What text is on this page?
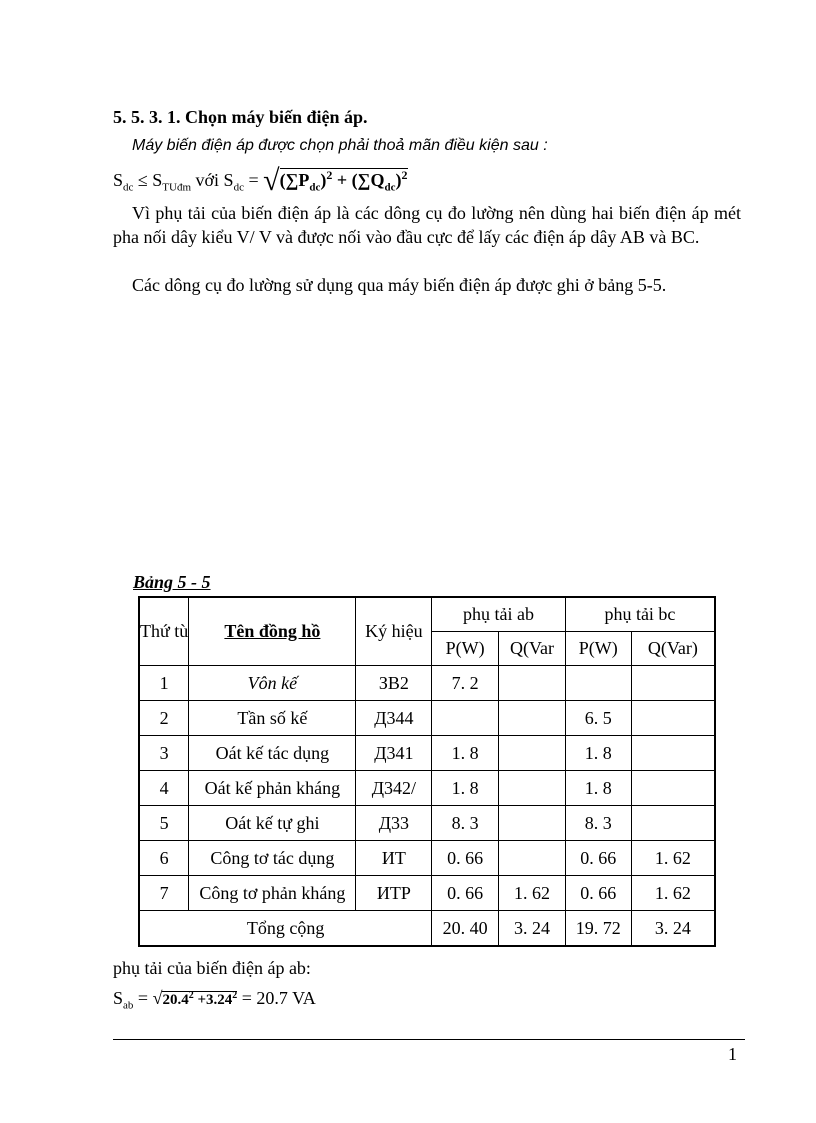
5. 5. 3. 1. Chọn máy biến điện áp.
Máy biến điện áp được chọn phải thoả mãn điều kiện sau :
$S_{dc} \le S_{TUđm}$ với $S_{dc} = √(\sum P_{dc})^2 + (\sum Q_{dc})^2$
Vì phụ tải của biến điện áp là các dông cụ đo lường nên dùng hai biến điện áp mét pha nối dây kiểu V/ V và được nối vào đầu cực để lấy các điện áp dây AB và BC.
Các dông cụ đo lường sử dụng qua máy biến điện áp được ghi ở bảng 5-5.
Bảng 5 - 5
Thứ tù	Tên đồng hồ	Ký hiệu	phụ tải ab		phụ tải bc	
			P(W)	Q(Var	P(W)	Q(Var)
1	Vôn kế	ЗВ2	7. 2			
2	Tần số kế	Д344			6. 5	
3	Oát kế tác dụng	Д341	1. 8		1. 8	
4	Oát kế phản kháng	Д342/	1. 8		1. 8	
5	Oát kế tự ghi	Д33	8. 3		8. 3	
6	Công tơ tác dụng	ИТ	0. 66		0. 66	1. 62
7	Công tơ phản kháng	ИТР	0. 66	1. 62	0. 66	1. 62
Tổng cộng			20. 40	3. 24	19. 72	3. 24
phụ tải của biến điện áp ab:
$S_{ab} = √20.4^2 +3.24^2 = 20.7$ VA
1
